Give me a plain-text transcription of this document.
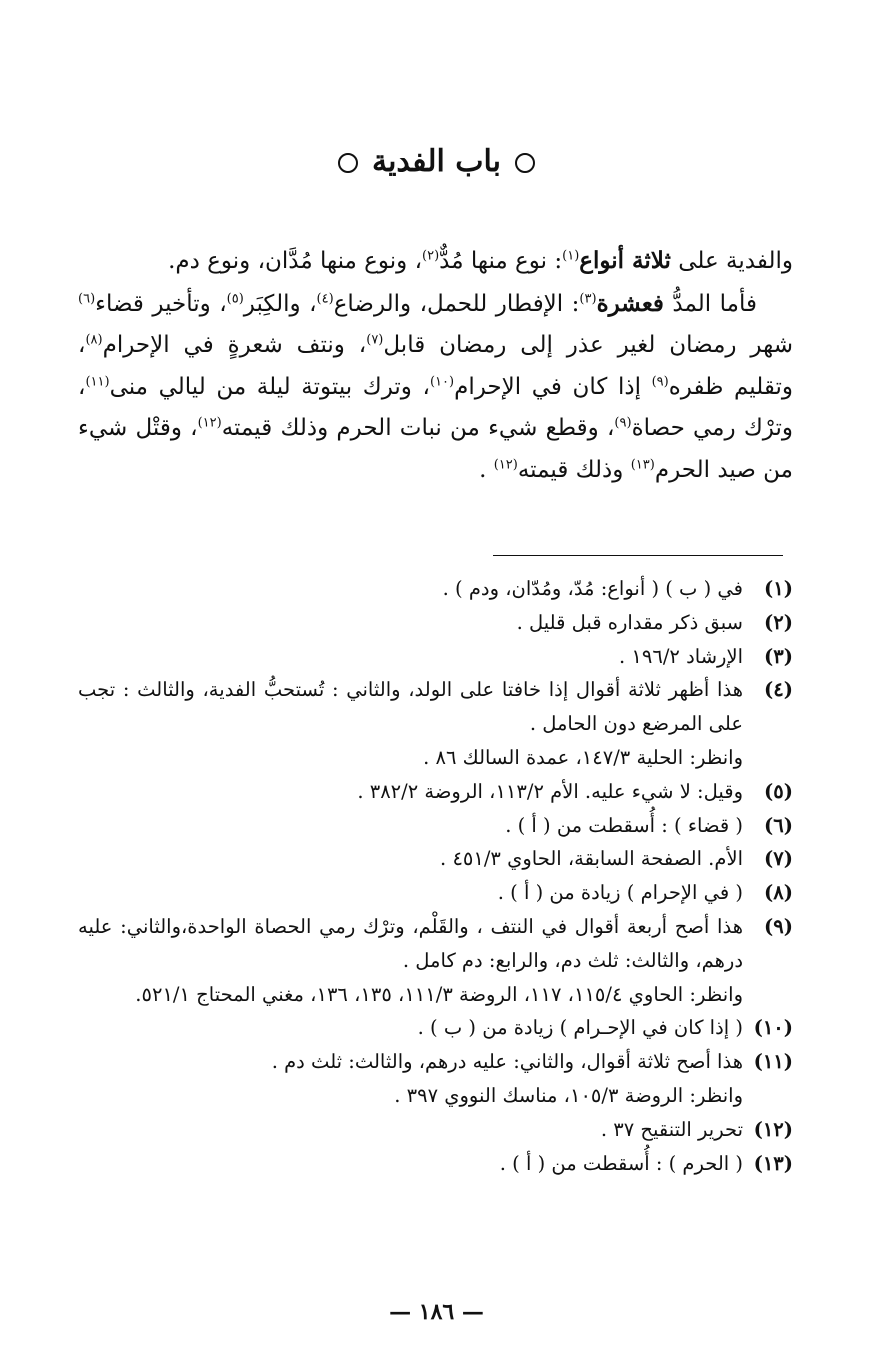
باب الفدية

والفدية على ثلاثة أنواع$^{(١)}$: نوع منها مُدٌّ$^{(٢)}$، ونوع منها مُدَّان، ونوع دم.

فأما المدُّ فعشرة$^{(٣)}$: الإفطار للحمل، والرضاع$^{(٤)}$، والكِبَر$^{(٥)}$، وتأخير قضاء$^{(٦)}$ شهر رمضان لغير عذر إلى رمضان قابل$^{(٧)}$، ونتف شعرةٍ في الإحرام$^{(٨)}$، وتقليم ظفره$^{(٩)}$ إذا كان في الإحرام$^{(١٠)}$، وترك بيتوتة ليلة من ليالي منى$^{(١١)}$، وترْك رمي حصاة$^{(٩)}$، وقطع شيء من نبات الحرم وذلك قيمته$^{(١٢)}$، وقتْل شيء من صيد الحرم$^{(١٣)}$ وذلك قيمته$^{(١٢)}$ .

(١)
في ( ب ) ( أنواع: مُدّ، ومُدّان، ودم ) .
(٢)
سبق ذكر مقداره قبل قليل .
(٣)
الإرشاد ١٩٦/٢ .
(٤)
هذا أظهر ثلاثة أقوال إذا خافتا على الولد، والثاني : تُستحبُّ الفدية، والثالث : تجب على المرضع دون الحامل .
وانظر: الحلية ١٤٧/٣، عمدة السالك ٨٦ .
(٥)
وقيل: لا شيء عليه. الأم ١١٣/٢، الروضة ٣٨٢/٢ .
(٦)
( قضاء ) : أُسقطت من ( أ ) .
(٧)
الأم. الصفحة السابقة، الحاوي ٤٥١/٣ .
(٨)
( في الإحرام ) زيادة من ( أ ) .
(٩)
هذا أصح أربعة أقوال في النتف ، والقَلْم، وترْك رمي الحصاة الواحدة،والثاني: عليه درهم، والثالث: ثلث دم، والرابع: دم كامل .
وانظر: الحاوي ١١٥/٤، ١١٧، الروضة ١١١/٣، ١٣٥، ١٣٦، مغني المحتاج ٥٢١/١.
(١٠)
( إذا كان في الإحـرام ) زيادة من ( ب ) .
(١١)
هذا أصح ثلاثة أقوال، والثاني: عليه درهم، والثالث: ثلث دم .
وانظر: الروضة ١٠٥/٣، مناسك النووي ٣٩٧ .
(١٢)
تحرير التنقيح ٣٧ .
(١٣)
( الحرم ) : أُسقطت من ( أ ) .
— ١٨٦ —
